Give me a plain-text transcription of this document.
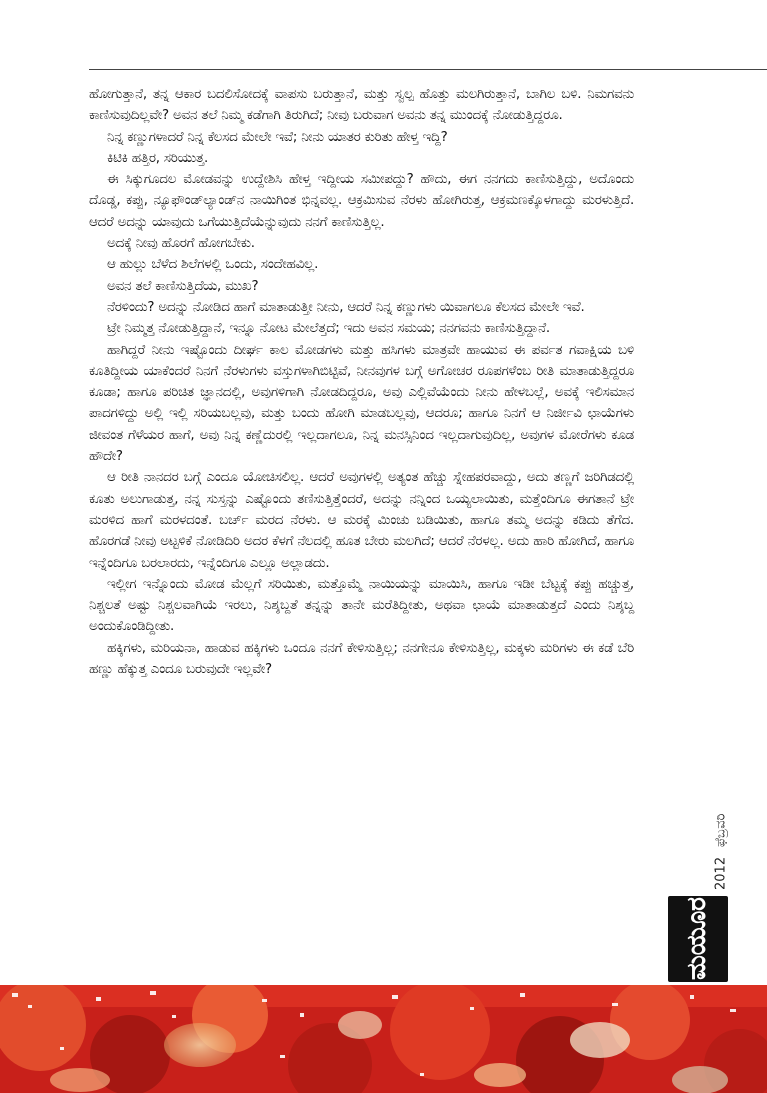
ಹೋಗುತ್ತಾನೆ, ತನ್ನ ಆಕಾರ ಬದಲಿಸೋದಕ್ಕೆ ವಾಪಸು ಬರುತ್ತಾನೆ, ಮತ್ತು ಸ್ವಲ್ಪ ಹೊತ್ತು ಮಲಗಿರುತ್ತಾನೆ, ಬಾಗಿಲ ಬಳಿ. ನಿಮಗವನು ಕಾಣಿಸುವುದಿಲ್ಲವೇ? ಅವನ ತಲೆ ನಿಮ್ಮ ಕಡೆಗಾಗಿ ತಿರುಗಿದೆ; ನೀವು ಬರುವಾಗ ಅವನು ತನ್ನ ಮುಂದಕ್ಕೆ ನೋಡುತ್ತಿದ್ದರೂ.

ನಿನ್ನ ಕಣ್ಣುಗಳಾದರೆ ನಿನ್ನ ಕೆಲಸದ ಮೇಲೇ ಇವೆ; ನೀನು ಯಾತರ ಕುರಿತು ಹೇಳ್ತ ಇದ್ದಿ?

ಕಿಟಿಕಿ ಹತ್ತಿರ, ಸರಿಯುತ್ತ.

ಈ ಸಿಕ್ಕುಗೂದಲ ಮೋಡವನ್ನು ಉದ್ದೇಶಿಸಿ ಹೇಳ್ತ ಇದ್ದೀಯ ಸಮೀಪದ್ದು? ಹೌದು, ಈಗ ನನಗದು ಕಾಣಿಸುತ್ತಿದ್ದು, ಅದೊಂದು ದೊಡ್ಡ, ಕಪ್ಪು, ನ್ಯೂಫೌಂಡ್‌ಲ್ಯಾಂಡ್‌ನ ನಾಯಿಗಿಂತ ಭಿನ್ನವಲ್ಲ. ಆಕ್ರಮಿಸುವ ನೆರಳು ಹೋಗಿರುತ್ತ, ಆಕ್ರಮಣಕ್ಕೊಳಗಾದ್ದು ಮರಳುತ್ತಿದೆ. ಆದರೆ ಅದನ್ನು ಯಾವುದು ಒಗೆಯುತ್ತಿದೆಯೆನ್ನುವುದು ನನಗೆ ಕಾಣಿಸುತ್ತಿಲ್ಲ.

ಅದಕ್ಕೆ ನೀವು ಹೊರಗೆ ಹೋಗಬೇಕು.

ಆ ಹುಲ್ಲು ಬೆಳೆದ ಶಿಲೆಗಳಲ್ಲಿ ಒಂದು, ಸಂದೇಹವಿಲ್ಲ.

ಅವನ ತಲೆ ಕಾಣಿಸುತ್ತಿದೆಯ, ಮುಖ?

ನೆರಳಿಂದು? ಅದನ್ನು ನೋಡಿದ ಹಾಗೆ ಮಾತಾಡುತ್ತೀ ನೀನು, ಆದರೆ ನಿನ್ನ ಕಣ್ಣುಗಳು ಯಿವಾಗಲೂ ಕೆಲಸದ ಮೇಲೇ ಇವೆ.

ಟ್ರೇ ನಿಮ್ಮತ್ತ ನೋಡುತ್ತಿದ್ದಾನೆ, ಇನ್ನೂ ನೋಟ ಮೇಲೆತ್ತದೆ; ಇದು ಅವನ ಸಮಯ; ನನಗವನು ಕಾಣಿಸುತ್ತಿದ್ದಾನೆ.

ಹಾಗಿದ್ದರೆ ನೀನು ಇಷ್ಟೊಂದು ದೀರ್ಘ ಕಾಲ ಮೋಡಗಳು ಮತ್ತು ಹಸಿಗಳು ಮಾತ್ರವೇ ಹಾಯುವ ಈ ಪರ್ವತ ಗವಾಕ್ಷಿಯ ಬಳಿ ಕೂತಿದ್ದೀಯ ಯಾಕೆಂದರೆ ನಿನಗೆ ನೆರಳುಗಳು ವಸ್ತುಗಳಾಗಿಬಿಟ್ಟಿವೆ, ನೀನವುಗಳ ಬಗ್ಗೆ ಅಗೋಚರ ರೂಪಗಳೆಂಬ ರೀತಿ ಮಾತಾಡುತ್ತಿದ್ದರೂ ಕೂಡಾ; ಹಾಗೂ ಪರಿಚಿತ ಜ್ಞಾನದಲ್ಲಿ, ಅವುಗಳಿಗಾಗಿ ನೋಡದಿದ್ದರೂ, ಅವು ಎಲ್ಲಿವೆಯೆಂದು ನೀನು ಹೇಳಬಲ್ಲೆ, ಅವಕ್ಕೆ ಇಲಿಸಮಾನ ಪಾದಗಳಿದ್ದು ಅಲ್ಲಿ ಇಲ್ಲಿ ಸರಿಯಬಲ್ಲವು, ಮತ್ತು ಬಂದು ಹೋಗಿ ಮಾಡಬಲ್ಲವು, ಆದರೂ; ಹಾಗೂ ನಿನಗೆ ಆ ನಿರ್ಜೀವಿ ಛಾಯೆಗಳು ಜೀವಂತ ಗೆಳೆಯರ ಹಾಗೆ, ಅವು ನಿನ್ನ ಕಣ್ಣೆದುರಲ್ಲಿ ಇಲ್ಲದಾಗಲೂ, ನಿನ್ನ ಮನಸ್ಸಿನಿಂದ ಇಲ್ಲದಾಗುವುದಿಲ್ಲ, ಅವುಗಳ ಮೋರೆಗಳು ಕೂಡ ಹೌದೇ?

ಆ ರೀತಿ ನಾನದರ ಬಗ್ಗೆ ಎಂದೂ ಯೋಚಿಸಲಿಲ್ಲ. ಆದರೆ ಅವುಗಳಲ್ಲಿ ಅತ್ಯಂತ ಹೆಚ್ಚು ಸ್ನೇಹಪರವಾದ್ದು, ಅದು ತಣ್ಣಗೆ ಜರಿಗಿಡದಲ್ಲಿ ಕೂತು ಅಲುಗಾಡುತ್ತ, ನನ್ನ ಸುಸ್ತನ್ನು ಎಷ್ಟೊಂದು ತಣಿಸುತ್ತಿತ್ತೆಂದರೆ, ಅದನ್ನು ನನ್ನಿಂದ ಒಯ್ಯಲಾಯಿತು, ಮತ್ತೆಂದಿಗೂ ಈಗತಾನೆ ಟ್ರೇ ಮರಳಿದ ಹಾಗೆ ಮರಳದಂತೆ. ಬರ್ಚ್ ಮರದ ನೆರಳು. ಆ ಮರಕ್ಕೆ ಮಿಂಚು ಬಡಿಯಿತು, ಹಾಗೂ ತಮ್ಮ ಅದನ್ನು ಕಡಿದು ತೆಗೆದ. ಹೊರಗಡೆ ನೀವು ಅಟ್ಟಳಿಕೆ ನೋಡಿದಿರಿ ಅದರ ಕೆಳಗೆ ನೆಲದಲ್ಲಿ ಹೂತ ಬೇರು ಮಲಗಿದೆ; ಆದರೆ ನೆರಳಲ್ಲ. ಅದು ಹಾರಿ ಹೋಗಿದೆ, ಹಾಗೂ ಇನ್ನೆಂದಿಗೂ ಬರಲಾರದು, ಇನ್ನೆಂದಿಗೂ ಎಲ್ಲೂ ಅಲ್ಲಾಡದು.

ಇಲ್ಲೀಗ ಇನ್ನೊಂದು ಮೋಡ ಮೆಲ್ಲಗೆ ಸರಿಯಿತು, ಮತ್ತೊಮ್ಮೆ ನಾಯಿಯನ್ನು ಮಾಯಿಸಿ, ಹಾಗೂ ಇಡೀ ಬೆಟ್ಟಕ್ಕೆ ಕಪ್ಪು ಹಚ್ಚುತ್ತ, ನಿಶ್ಚಲತೆ ಅಷ್ಟು ನಿಶ್ಚಲವಾಗಿಯೆ ಇರಲು, ನಿಶ್ಶಬ್ದತೆ ತನ್ನನ್ನು ತಾನೇ ಮರೆತಿದ್ದೀತು, ಅಥವಾ ಛಾಯೆ ಮಾತಾಡುತ್ತದೆ ಎಂದು ನಿಶ್ಶಬ್ದ ಅಂದುಕೊಂಡಿದ್ದೀತು.

ಹಕ್ಕಿಗಳು, ಮರಿಯನಾ, ಹಾಡುವ ಹಕ್ಕಿಗಳು ಒಂದೂ ನನಗೆ ಕೇಳಿಸುತ್ತಿಲ್ಲ; ನನಗೇನೂ ಕೇಳಿಸುತ್ತಿಲ್ಲ, ಮಕ್ಕಳು ಮರಿಗಳು ಈ ಕಡೆ ಬೆರಿ ಹಣ್ಣು ಹೆಕ್ಕುತ್ತ ಎಂದೂ ಬರುವುದೇ ಇಲ್ಲವೇ?

2012
ಫೆಬ್ರವರಿ
ಮಯೂರ
